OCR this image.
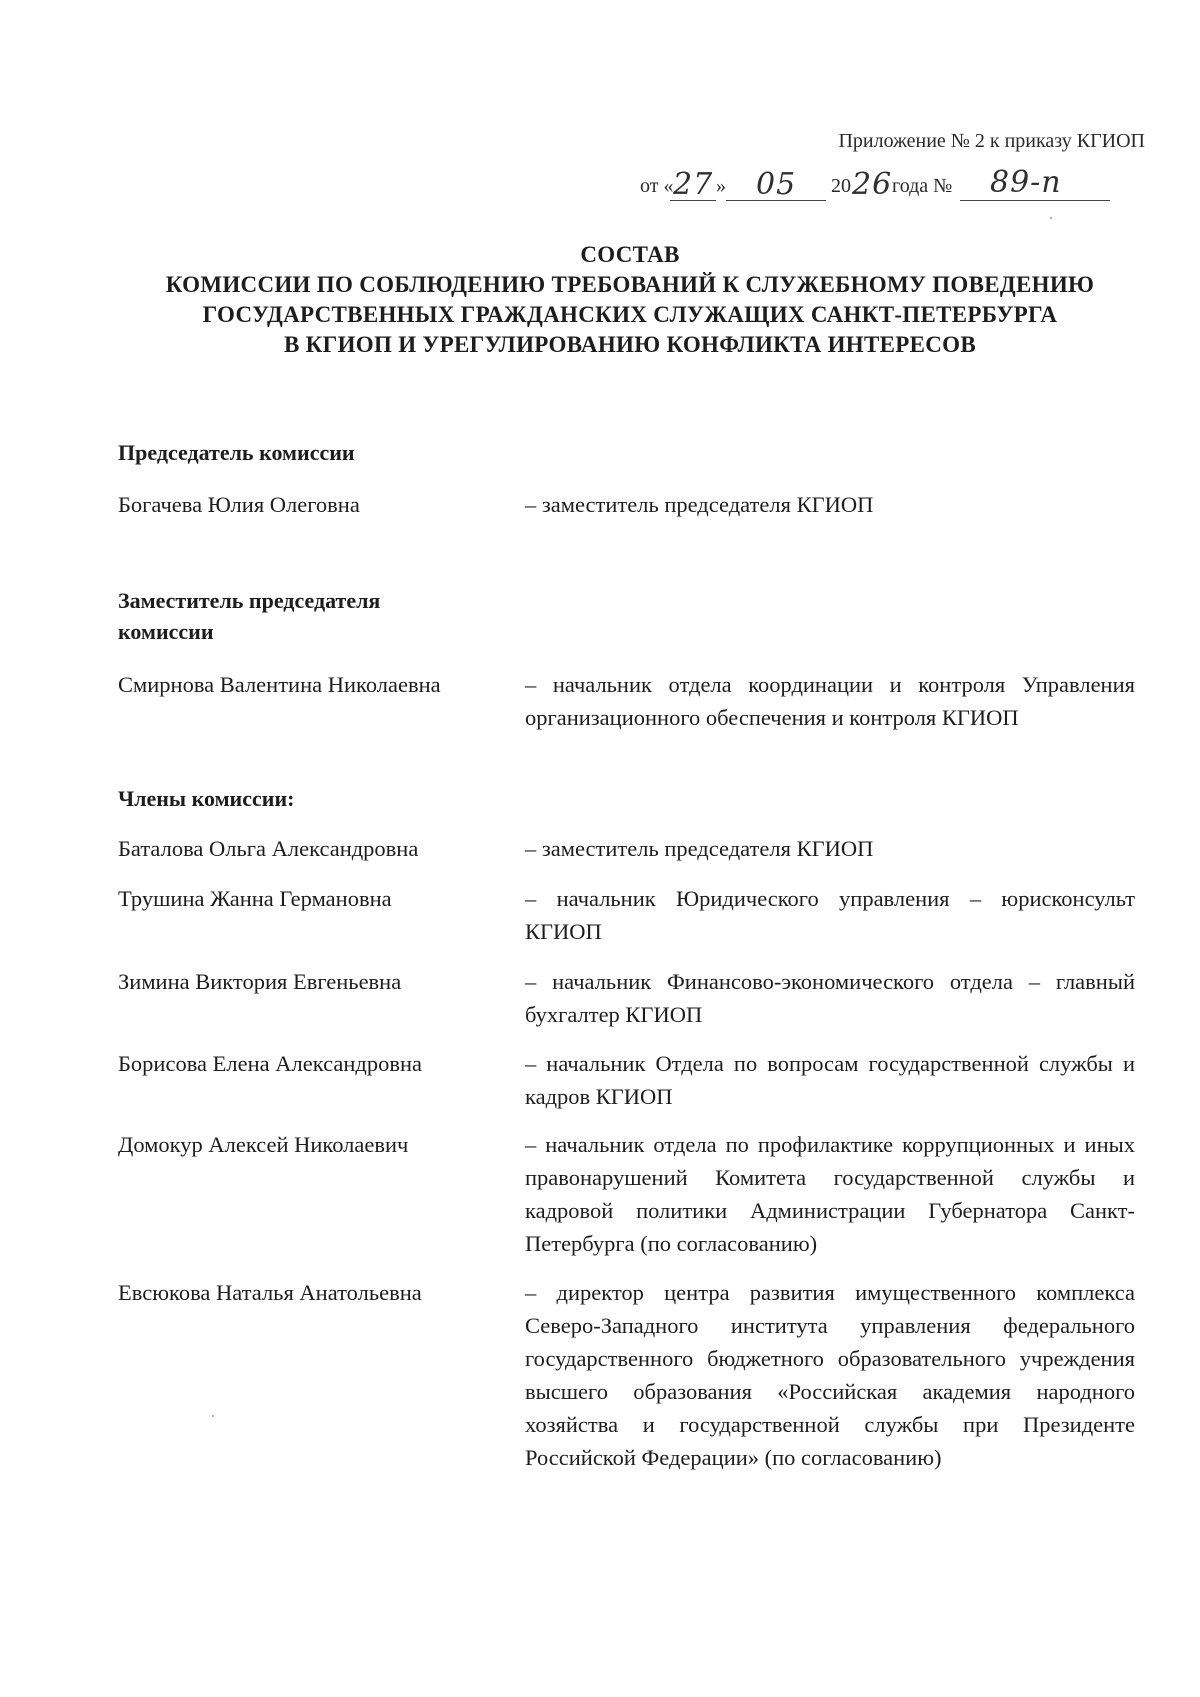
Приложение № 2 к приказу КГИОП
от « 27 » 05 20 26 года № 89-п
СОСТАВ
КОМИССИИ ПО СОБЛЮДЕНИЮ ТРЕБОВАНИЙ К СЛУЖЕБНОМУ ПОВЕДЕНИЮ
ГОСУДАРСТВЕННЫХ ГРАЖДАНСКИХ СЛУЖАЩИХ САНКТ-ПЕТЕРБУРГА
В КГИОП И УРЕГУЛИРОВАНИЮ КОНФЛИКТА ИНТЕРЕСОВ
Председатель комиссии
Богачева Юлия Олеговна	– заместитель председателя КГИОП
Заместитель председателя комиссии
Смирнова Валентина Николаевна	– начальник отдела координации и контроля Управления организационного обеспечения и контроля КГИОП
Члены комиссии:
Баталова Ольга Александровна	– заместитель председателя КГИОП
Трушина Жанна Германовна	– начальник Юридического управления – юрисконсульт КГИОП
Зимина Виктория Евгеньевна	– начальник Финансово-экономического отдела – главный бухгалтер КГИОП
Борисова Елена Александровна	– начальник Отдела по вопросам государственной службы и кадров КГИОП
Домокур Алексей Николаевич	– начальник отдела по профилактике коррупционных и иных правонарушений Комитета государственной службы и кадровой политики Администрации Губернатора Санкт-Петербурга (по согласованию)
Евсюкова Наталья Анатольевна	– директор центра развития имущественного комплекса Северо-Западного института управления федерального государственного бюджетного образовательного учреждения высшего образования «Российская академия народного хозяйства и государственной службы при Президенте Российской Федерации» (по согласованию)
